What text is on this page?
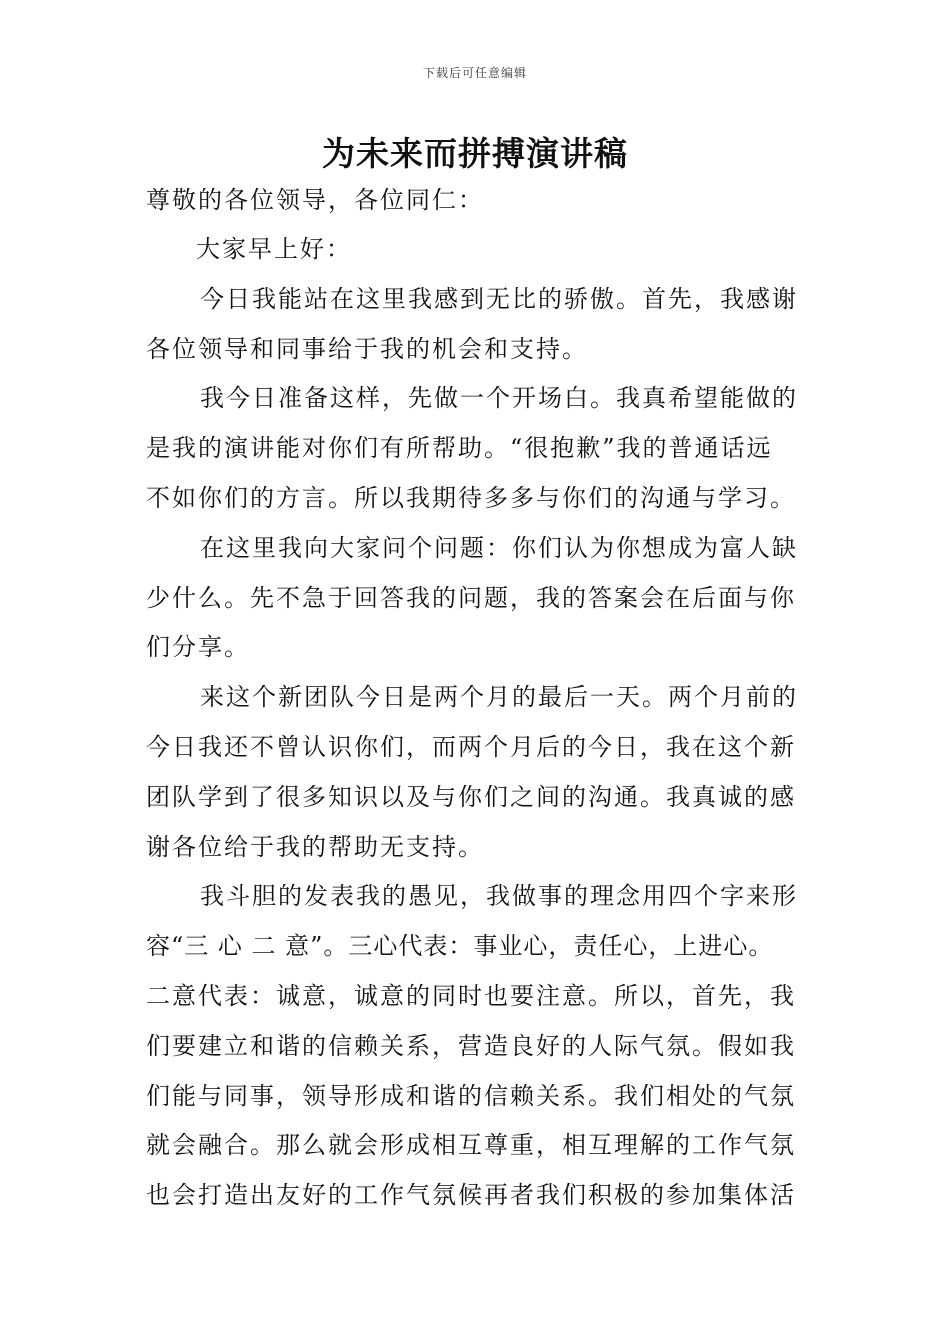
下载后可任意编辑
为未来而拼搏演讲稿
尊敬的各位领导，各位同仁：
大家早上好：
今日我能站在这里我感到无比的骄傲。首先，我感谢
各位领导和同事给于我的机会和支持。
我今日准备这样，先做一个开场白。我真希望能做的
是我的演讲能对你们有所帮助。“很抱歉”我的普通话远
不如你们的方言。所以我期待多多与你们的沟通与学习。
在这里我向大家问个问题：你们认为你想成为富人缺
少什么。先不急于回答我的问题，我的答案会在后面与你
们分享。
来这个新团队今日是两个月的最后一天。两个月前的
今日我还不曾认识你们，而两个月后的今日，我在这个新
团队学到了很多知识以及与你们之间的沟通。我真诚的感
谢各位给于我的帮助无支持。
我斗胆的发表我的愚见，我做事的理念用四个字来形
容“三 心 二 意”。三心代表：事业心，责任心，上进心。
二意代表：诚意，诚意的同时也要注意。所以，首先，我
们要建立和谐的信赖关系，营造良好的人际气氛。假如我
们能与同事，领导形成和谐的信赖关系。我们相处的气氛
就会融合。那么就会形成相互尊重，相互理解的工作气氛
也会打造出友好的工作气氛候再者我们积极的参加集体活
